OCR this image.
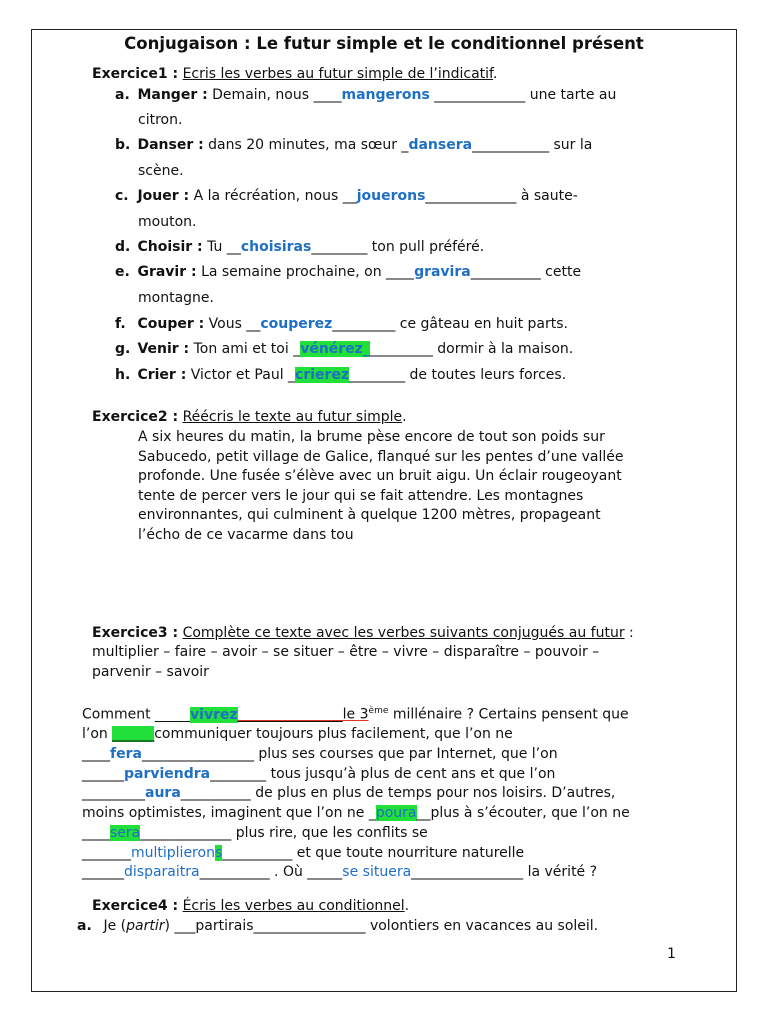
Conjugaison : Le futur simple et le conditionnel présent
Exercice1 : Ecris les verbes au futur simple de l’indicatif.
a. Manger : Demain, nous ____mangerons _____________ une tarte au
citron.
b. Danser : dans 20 minutes, ma sœur _dansera___________ sur la
scène.
c. Jouer : A la récréation, nous __jouerons_____________ à saute-
mouton.
d. Choisir : Tu __choisiras________ ton pull préféré.
e. Gravir : La semaine prochaine, on ____gravira__________ cette
montagne.
f. Couper : Vous __couperez_________ ce gâteau en huit parts.
g. Venir : Ton ami et toi _vénérez__________ dormir à la maison.
h. Crier : Victor et Paul _crierez________ de toutes leurs forces.
Exercice2 : Réécris le texte au futur simple.
A six heures du matin, la brume pèse encore de tout son poids sur
Sabucedo, petit village de Galice, flanqué sur les pentes d’une vallée
profonde. Une fusée s’élève avec un bruit aigu. Un éclair rougeoyant
tente de percer vers le jour qui se fait attendre. Les montagnes
environnantes, qui culminent à quelque 1200 mètres, propageant
l’écho de ce vacarme dans tou
Exercice3 : Complète ce texte avec les verbes suivants conjugués au futur :
multiplier – faire – avoir – se situer – être – vivre – disparaître – pouvoir –
parvenir – savoir
Comment _____vivrez_______________le 3ème millénaire ? Certains pensent que
l’on ______communiquer toujours plus facilement, que l’on ne
____fera________________ plus ses courses que par Internet, que l’on
______parviendra________ tous jusqu’à plus de cent ans et que l’on
_________aura__________ de plus en plus de temps pour nos loisirs. D’autres,
moins optimistes, imaginent que l’on ne _poura__plus à s’écouter, que l’on ne
____sera_____________ plus rire, que les conflits se
_______multiplierons__________ et que toute nourriture naturelle
______disparaitra__________ . Où _____se situera________________ la vérité ?
Exercice4 : Écris les verbes au conditionnel.
a. Je (partir) ___partirais________________ volontiers en vacances au soleil.
1
